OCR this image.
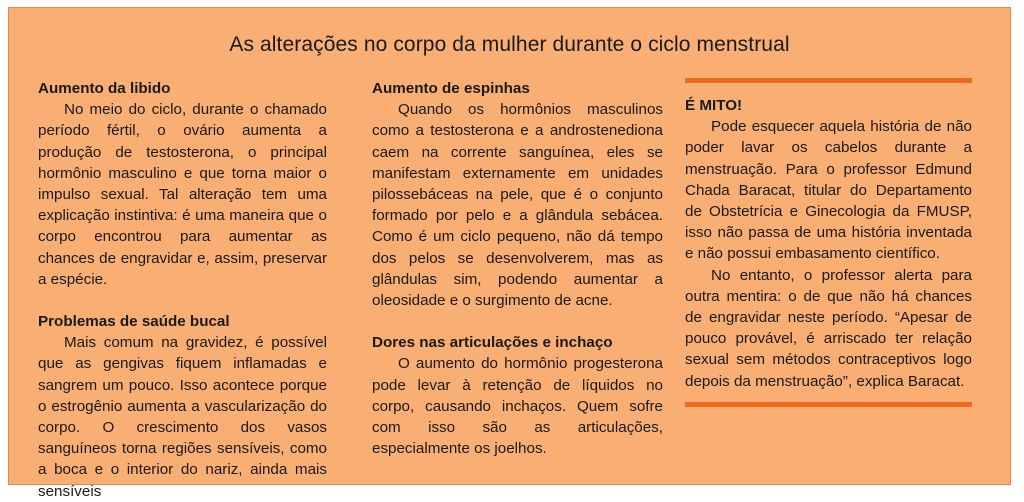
As alterações no corpo da mulher durante o ciclo menstrual
Aumento da libido

No meio do ciclo, durante o chamado período fértil, o ovário aumenta a produção de testosterona, o principal hormônio masculino e que torna maior o impulso sexual. Tal alteração tem uma explicação instintiva: é uma maneira que o corpo encontrou para aumentar as chances de engravidar e, assim, preservar a espécie.

Problemas de saúde bucal

Mais comum na gravidez, é possível que as gengivas fiquem inflamadas e sangrem um pouco. Isso acontece porque o estrogênio aumenta a vascularização do corpo. O crescimento dos vasos sanguíneos torna regiões sensíveis, como a boca e o interior do nariz, ainda mais sensíveis

Aumento de espinhas

Quando os hormônios masculinos como a testosterona e a androstenediona caem na corrente sanguínea, eles se manifestam externamente em unidades pilossebáceas na pele, que é o conjunto formado por pelo e a glândula sebácea. Como é um ciclo pequeno, não dá tempo dos pelos se desenvolverem, mas as glândulas sim, podendo aumentar a oleosidade e o surgimento de acne.

Dores nas articulações e inchaço

O aumento do hormônio progesterona pode levar à retenção de líquidos no corpo, causando inchaços. Quem sofre com isso são as articulações, especialmente os joelhos.

É MITO!

Pode esquecer aquela história de não poder lavar os cabelos durante a menstruação. Para o professor Edmund Chada Baracat, titular do Departamento de Obstetrícia e Ginecologia da FMUSP, isso não passa de uma história inventada e não possui embasamento científico.

No entanto, o professor alerta para outra mentira: o de que não há chances de engravidar neste período. “Apesar de pouco provável, é arriscado ter relação sexual sem métodos contraceptivos logo depois da menstruação”, explica Baracat.
